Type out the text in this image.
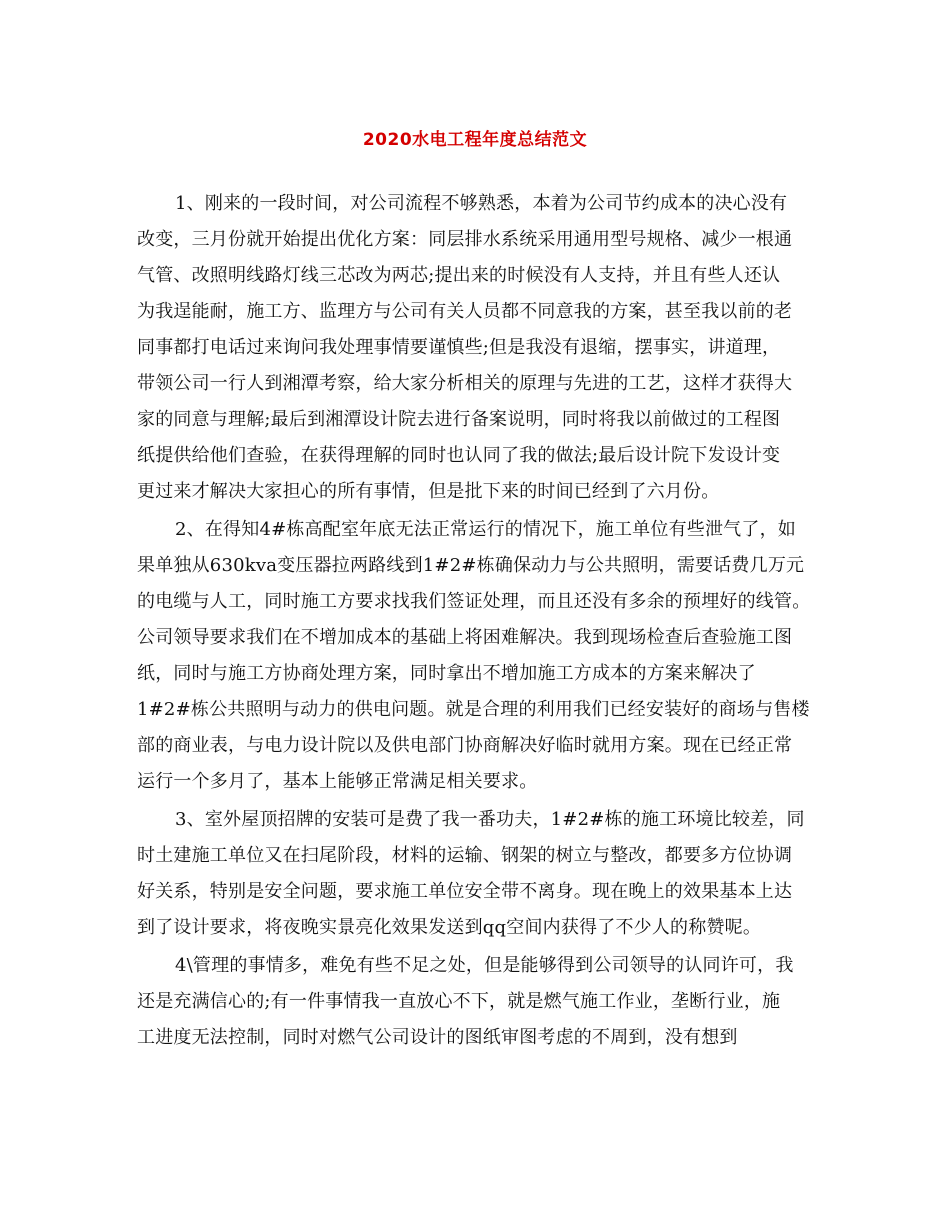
2020水电工程年度总结范文
1、刚来的一段时间，对公司流程不够熟悉，本着为公司节约成本的决心没有
改变，三月份就开始提出优化方案：同层排水系统采用通用型号规格、减少一根通
气管、改照明线路灯线三芯改为两芯;提出来的时候没有人支持，并且有些人还认
为我逞能耐，施工方、监理方与公司有关人员都不同意我的方案，甚至我以前的老
同事都打电话过来询问我处理事情要谨慎些;但是我没有退缩，摆事实，讲道理，
带领公司一行人到湘潭考察，给大家分析相关的原理与先进的工艺，这样才获得大
家的同意与理解;最后到湘潭设计院去进行备案说明，同时将我以前做过的工程图
纸提供给他们查验，在获得理解的同时也认同了我的做法;最后设计院下发设计变
更过来才解决大家担心的所有事情，但是批下来的时间已经到了六月份。
2、在得知4#栋高配室年底无法正常运行的情况下，施工单位有些泄气了，如
果单独从630kva变压器拉两路线到1#2#栋确保动力与公共照明，需要话费几万元
的电缆与人工，同时施工方要求找我们签证处理，而且还没有多余的预埋好的线管。
公司领导要求我们在不增加成本的基础上将困难解决。我到现场检查后查验施工图
纸，同时与施工方协商处理方案，同时拿出不增加施工方成本的方案来解决了
1#2#栋公共照明与动力的供电问题。就是合理的利用我们已经安装好的商场与售楼
部的商业表，与电力设计院以及供电部门协商解决好临时就用方案。现在已经正常
运行一个多月了，基本上能够正常满足相关要求。
3、室外屋顶招牌的安装可是费了我一番功夫，1#2#栋的施工环境比较差，同
时土建施工单位又在扫尾阶段，材料的运输、钢架的树立与整改，都要多方位协调
好关系，特别是安全问题，要求施工单位安全带不离身。现在晚上的效果基本上达
到了设计要求，将夜晚实景亮化效果发送到qq空间内获得了不少人的称赞呢。
4\管理的事情多，难免有些不足之处，但是能够得到公司领导的认同许可，我
还是充满信心的;有一件事情我一直放心不下，就是燃气施工作业，垄断行业，施
工进度无法控制，同时对燃气公司设计的图纸审图考虑的不周到，没有想到
